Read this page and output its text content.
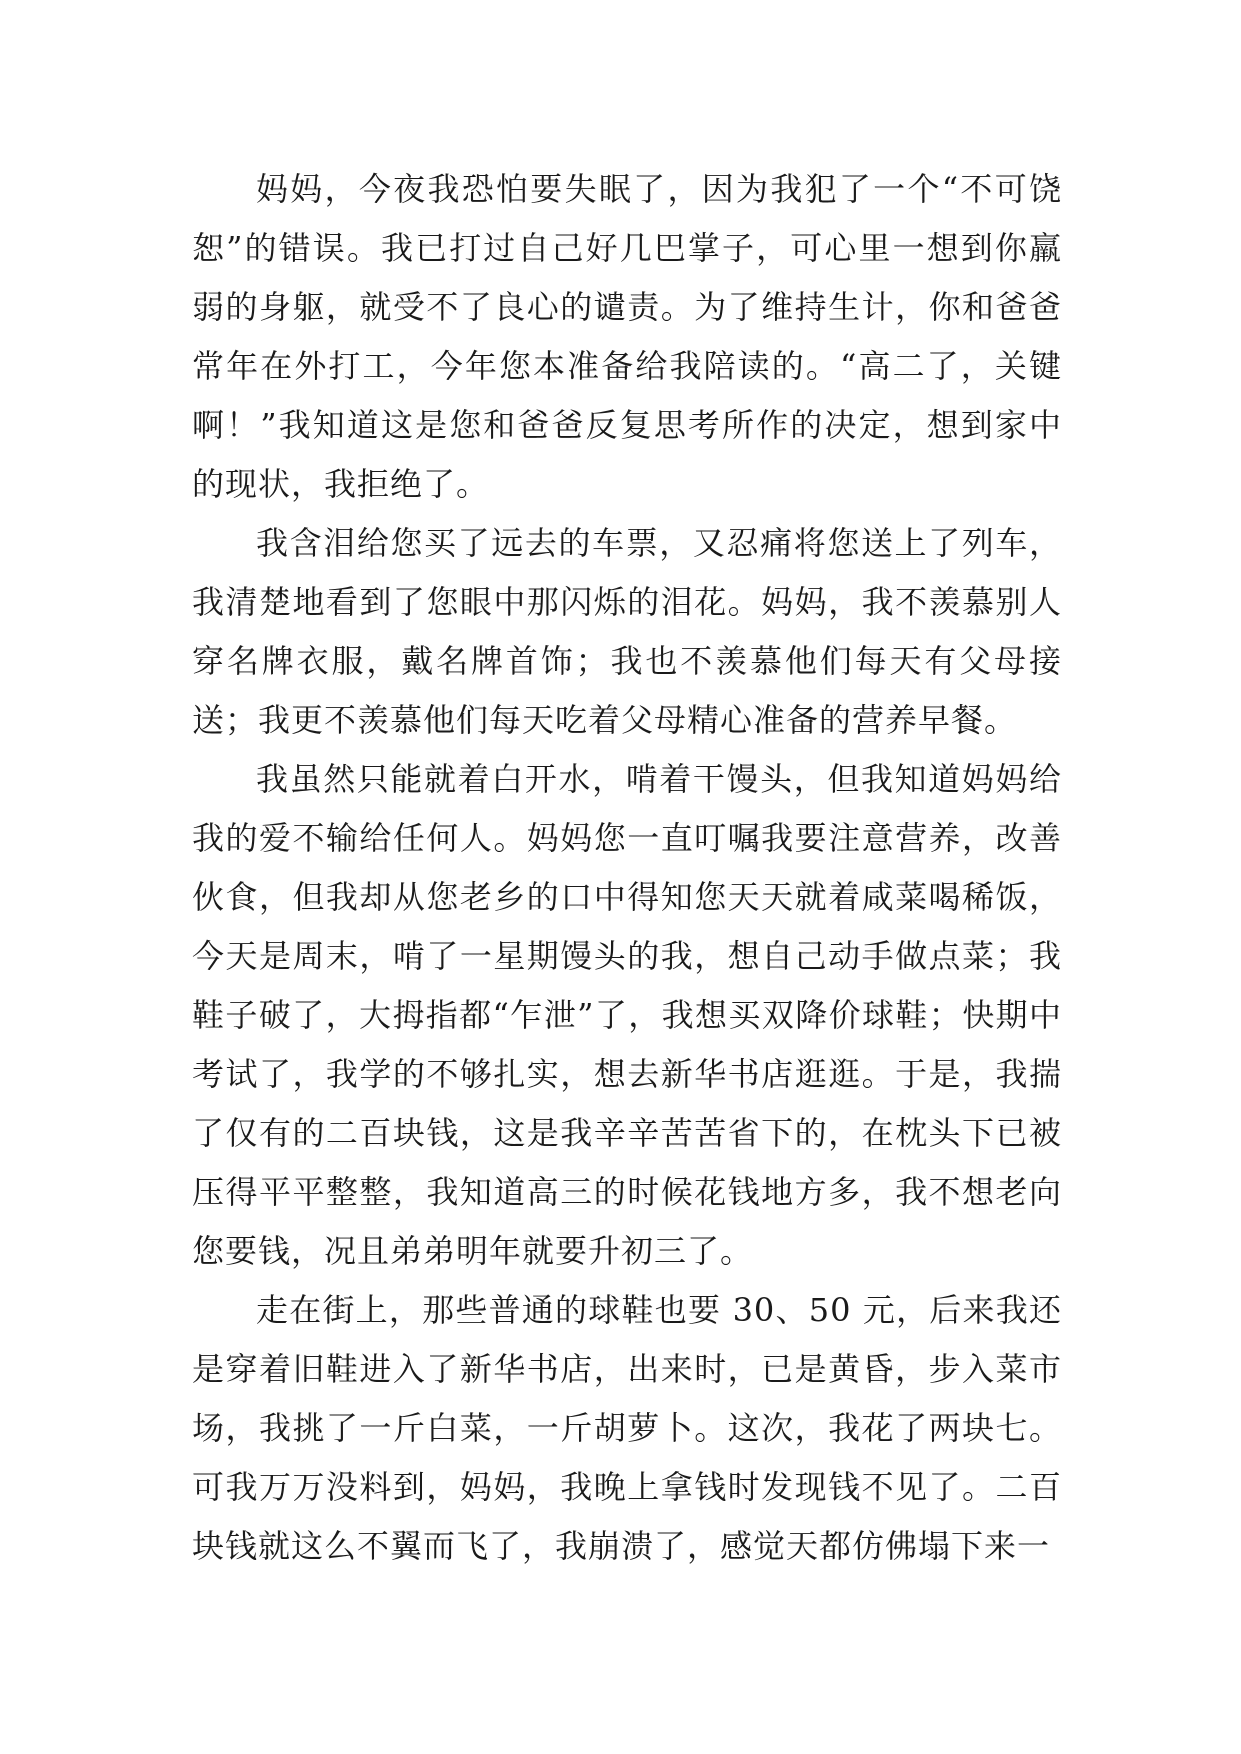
妈妈，今夜我恐怕要失眠了，因为我犯了一个“不可饶恕”的错误。我已打过自己好几巴掌子，可心里一想到你羸弱的身躯，就受不了良心的谴责。为了维持生计，你和爸爸常年在外打工，今年您本准备给我陪读的。“高二了，关键啊！”我知道这是您和爸爸反复思考所作的决定，想到家中的现状，我拒绝了。

我含泪给您买了远去的车票，又忍痛将您送上了列车，我清楚地看到了您眼中那闪烁的泪花。妈妈，我不羡慕别人穿名牌衣服，戴名牌首饰；我也不羡慕他们每天有父母接送；我更不羡慕他们每天吃着父母精心准备的营养早餐。

我虽然只能就着白开水，啃着干馒头，但我知道妈妈给我的爱不输给任何人。妈妈您一直叮嘱我要注意营养，改善伙食，但我却从您老乡的口中得知您天天就着咸菜喝稀饭，今天是周末，啃了一星期馒头的我，想自己动手做点菜；我鞋子破了，大拇指都“乍泄”了，我想买双降价球鞋；快期中考试了，我学的不够扎实，想去新华书店逛逛。于是，我揣了仅有的二百块钱，这是我辛辛苦苦省下的，在枕头下已被压得平平整整，我知道高三的时候花钱地方多，我不想老向您要钱，况且弟弟明年就要升初三了。

走在街上，那些普通的球鞋也要 30、50 元，后来我还是穿着旧鞋进入了新华书店，出来时，已是黄昏，步入菜市场，我挑了一斤白菜，一斤胡萝卜。这次，我花了两块七。可我万万没料到，妈妈，我晚上拿钱时发现钱不见了。二百块钱就这么不翼而飞了，我崩溃了，感觉天都仿佛塌下来一
